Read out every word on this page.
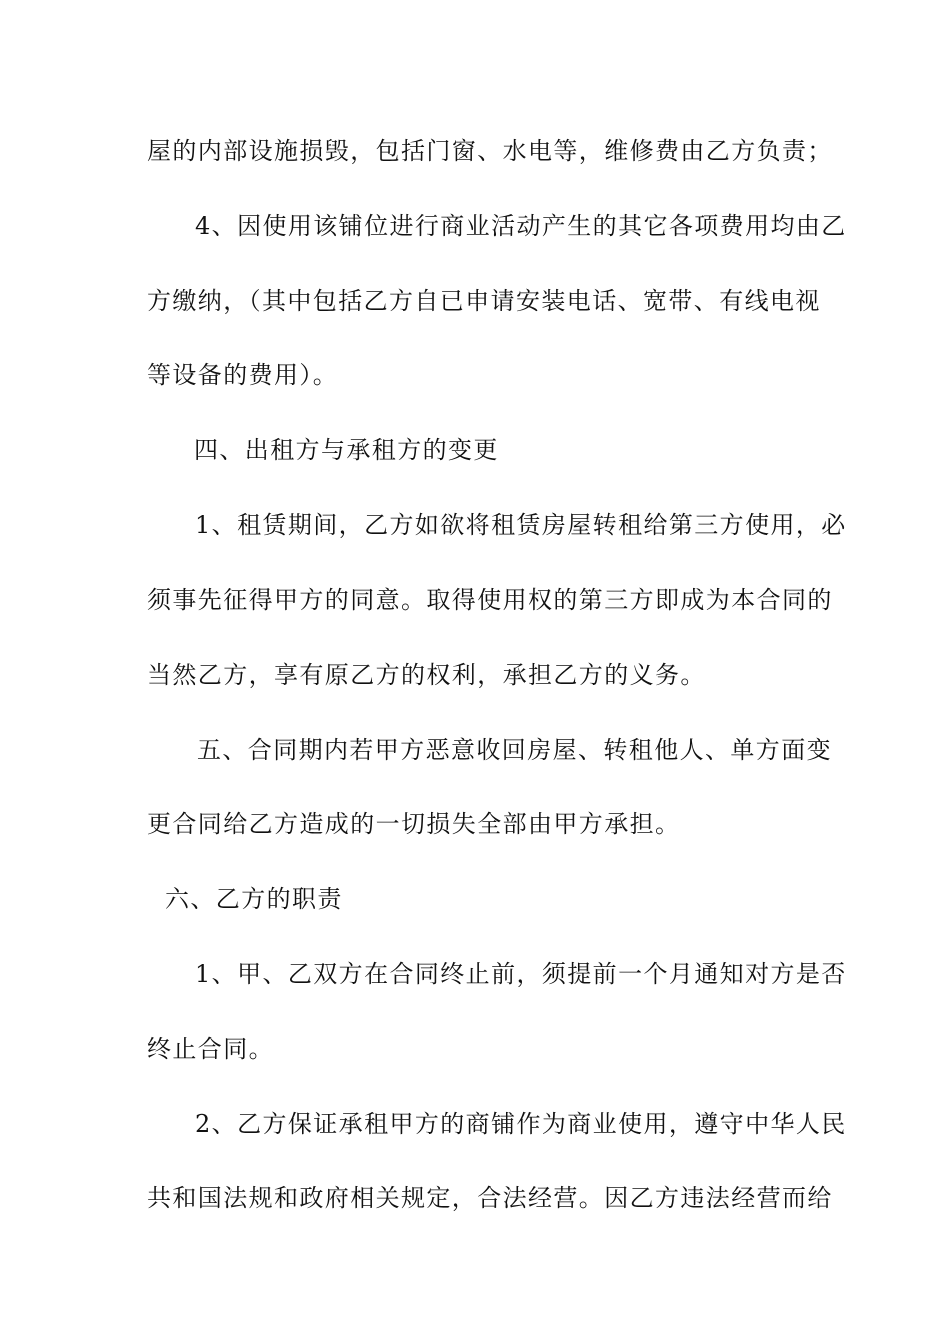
屋的内部设施损毁，包括门窗、水电等，维修费由乙方负责；
4、因使用该铺位进行商业活动产生的其它各项费用均由乙
方缴纳，（其中包括乙方自已申请安装电话、宽带、有线电视
等设备的费用）。
四、出租方与承租方的变更
1、租赁期间，乙方如欲将租赁房屋转租给第三方使用，必
须事先征得甲方的同意。取得使用权的第三方即成为本合同的
当然乙方，享有原乙方的权利，承担乙方的义务。
五、合同期内若甲方恶意收回房屋、转租他人、单方面变
更合同给乙方造成的一切损失全部由甲方承担。
六、乙方的职责
1、甲、乙双方在合同终止前，须提前一个月通知对方是否
终止合同。
2、乙方保证承租甲方的商铺作为商业使用，遵守中华人民
共和国法规和政府相关规定，合法经营。因乙方违法经营而给
